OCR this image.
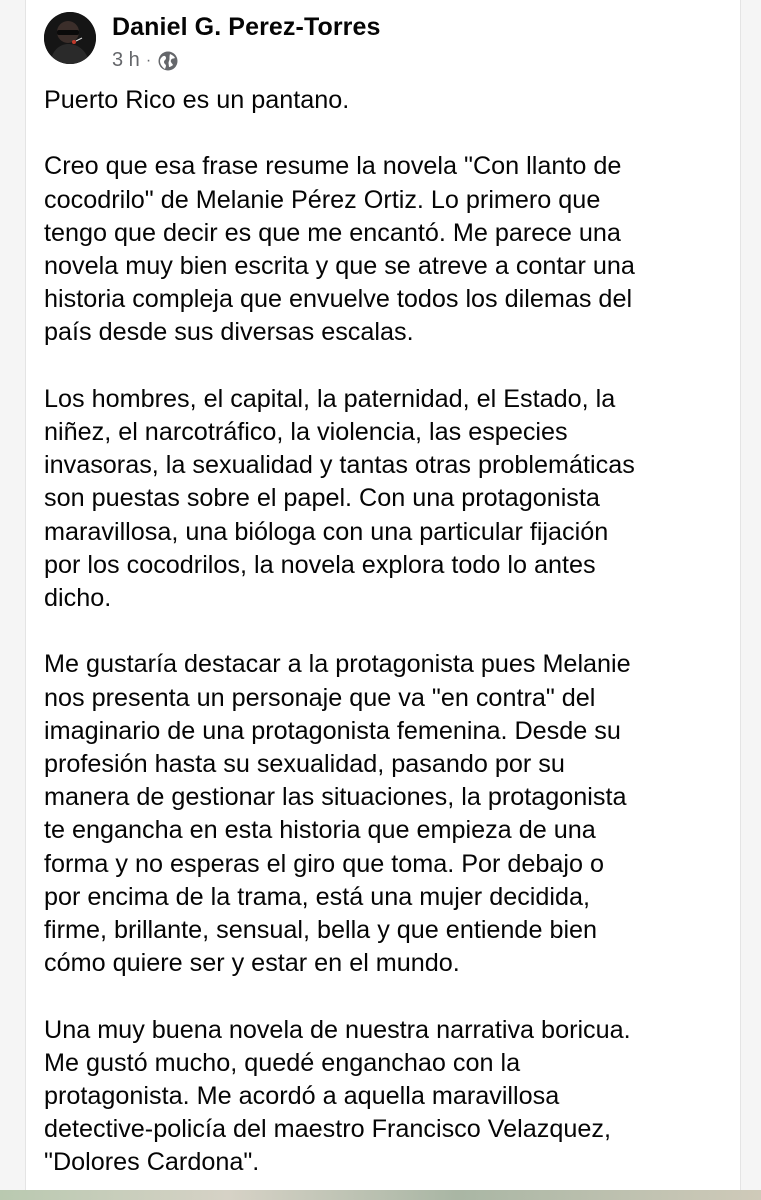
Daniel G. Perez-Torres
3 h ·

Puerto Rico es un pantano.

Creo que esa frase resume la novela "Con llanto de
cocodrilo" de Melanie Pérez Ortiz. Lo primero que
tengo que decir es que me encantó. Me parece una
novela muy bien escrita y que se atreve a contar una
historia compleja que envuelve todos los dilemas del
país desde sus diversas escalas.

Los hombres, el capital, la paternidad, el Estado, la
niñez, el narcotráfico, la violencia, las especies
invasoras, la sexualidad y tantas otras problemáticas
son puestas sobre el papel. Con una protagonista
maravillosa, una bióloga con una particular fijación
por los cocodrilos, la novela explora todo lo antes
dicho.

Me gustaría destacar a la protagonista pues Melanie
nos presenta un personaje que va "en contra" del
imaginario de una protagonista femenina. Desde su
profesión hasta su sexualidad, pasando por su
manera de gestionar las situaciones, la protagonista
te engancha en esta historia que empieza de una
forma y no esperas el giro que toma. Por debajo o
por encima de la trama, está una mujer decidida,
firme, brillante, sensual, bella y que entiende bien
cómo quiere ser y estar en el mundo.

Una muy buena novela de nuestra narrativa boricua.
Me gustó mucho, quedé enganchao con la
protagonista. Me acordó a aquella maravillosa
detective-policía del maestro Francisco Velazquez,
"Dolores Cardona".
